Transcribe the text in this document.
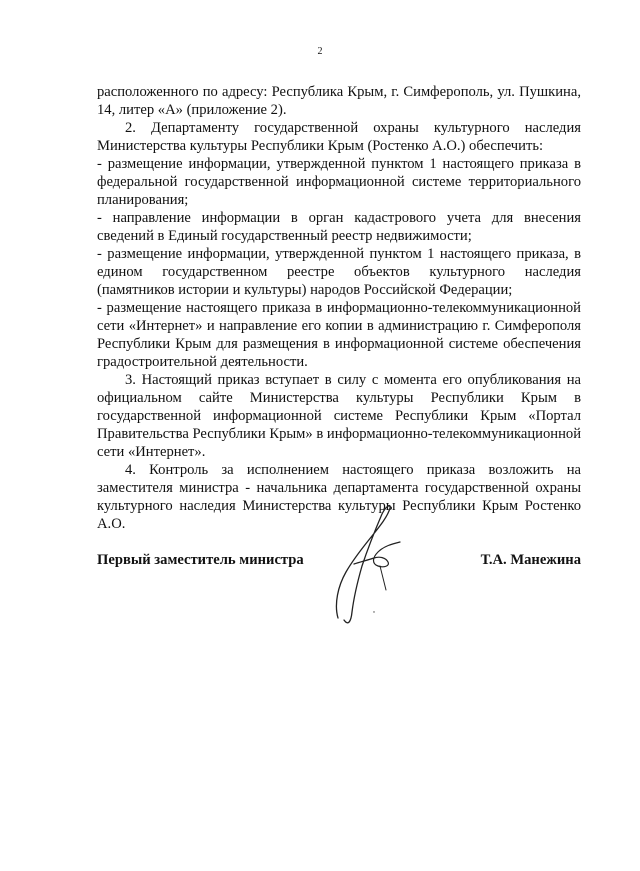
2

расположенного по адресу: Республика Крым, г. Симферополь, ул. Пушкина, 14, литер «А» (приложение 2).

2. Департаменту государственной охраны культурного наследия Министерства культуры Республики Крым (Ростенко А.О.) обеспечить:

- размещение информации, утвержденной пунктом 1 настоящего приказа в федеральной государственной информационной системе территориального планирования;

- направление информации в орган кадастрового учета для внесения сведений в Единый государственный реестр недвижимости;

- размещение информации, утвержденной пунктом 1 настоящего приказа, в едином государственном реестре объектов культурного наследия (памятников истории и культуры) народов Российской Федерации;

- размещение настоящего приказа в информационно-телекоммуникационной сети «Интернет» и направление его копии в администрацию г. Симферополя Республики Крым для размещения в информационной системе обеспечения градостроительной деятельности.

3. Настоящий приказ вступает в силу с момента его опубликования на официальном сайте Министерства культуры Республики Крым в государственной информационной системе Республики Крым «Портал Правительства Республики Крым» в информационно-телекоммуникационной сети «Интернет».

4. Контроль за исполнением настоящего приказа возложить на заместителя министра - начальника департамента государственной охраны культурного наследия Министерства культуры Республики Крым Ростенко А.О.

Первый заместитель министра	Т.А. Манежина
